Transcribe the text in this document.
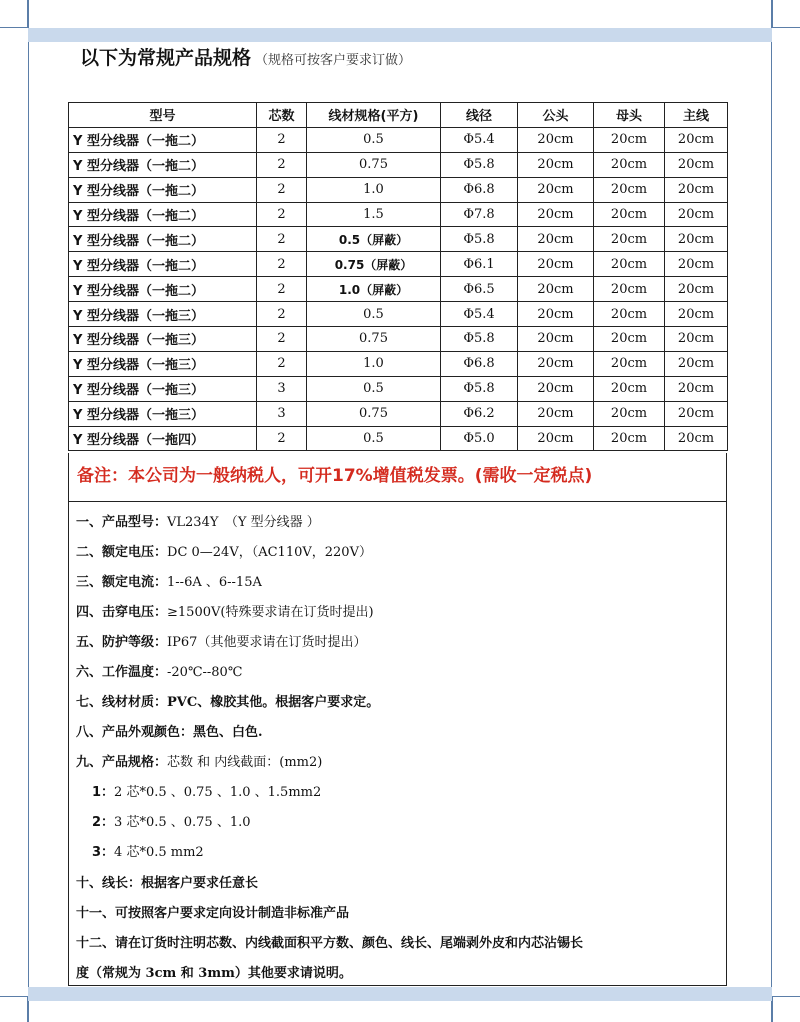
以下为常规产品规格 （规格可按客户要求订做）
型号	芯数	线材规格(平方)	线径	公头	母头	主线
Y 型分线器（一拖二）	2	0.5	Φ5.4	20cm	20cm	20cm
Y 型分线器（一拖二）	2	0.75	Φ5.8	20cm	20cm	20cm
Y 型分线器（一拖二）	2	1.0	Φ6.8	20cm	20cm	20cm
Y 型分线器（一拖二）	2	1.5	Φ7.8	20cm	20cm	20cm
Y 型分线器（一拖二）	2	0.5（屏蔽）	Φ5.8	20cm	20cm	20cm
Y 型分线器（一拖二）	2	0.75（屏蔽）	Φ6.1	20cm	20cm	20cm
Y 型分线器（一拖二）	2	1.0（屏蔽）	Φ6.5	20cm	20cm	20cm
Y 型分线器（一拖三）	2	0.5	Φ5.4	20cm	20cm	20cm
Y 型分线器（一拖三）	2	0.75	Φ5.8	20cm	20cm	20cm
Y 型分线器（一拖三）	2	1.0	Φ6.8	20cm	20cm	20cm
Y 型分线器（一拖三）	3	0.5	Φ5.8	20cm	20cm	20cm
Y 型分线器（一拖三）	3	0.75	Φ6.2	20cm	20cm	20cm
Y 型分线器（一拖四）	2	0.5	Φ5.0	20cm	20cm	20cm
备注：本公司为一般纳税人，可开17%增值税发票。(需收一定税点)
一、产品型号：VL234Y　（Y 型分线器 ）
二、额定电压：DC 0—24V，（AC110V，220V）
三、额定电流：1--6A 、6--15A
四、击穿电压：≥1500V(特殊要求请在订货时提出)
五、防护等级：IP67（其他要求请在订货时提出）
六、工作温度：-20℃--80℃
七、线材材质：PVC、橡胶其他。根据客户要求定。
八、产品外观颜色：黑色、白色.
九、产品规格：芯数 和 内线截面：(mm2)
1：2 芯*0.5 、0.75 、1.0 、1.5mm2
2：3 芯*0.5 、0.75 、1.0
3：4 芯*0.5 mm2
十、线长：根据客户要求任意长
十一、可按照客户要求定向设计制造非标准产品
十二、请在订货时注明芯数、内线截面积平方数、颜色、线长、尾端剥外皮和内芯沾锡长
度（常规为 3cm 和 3mm）其他要求请说明。
